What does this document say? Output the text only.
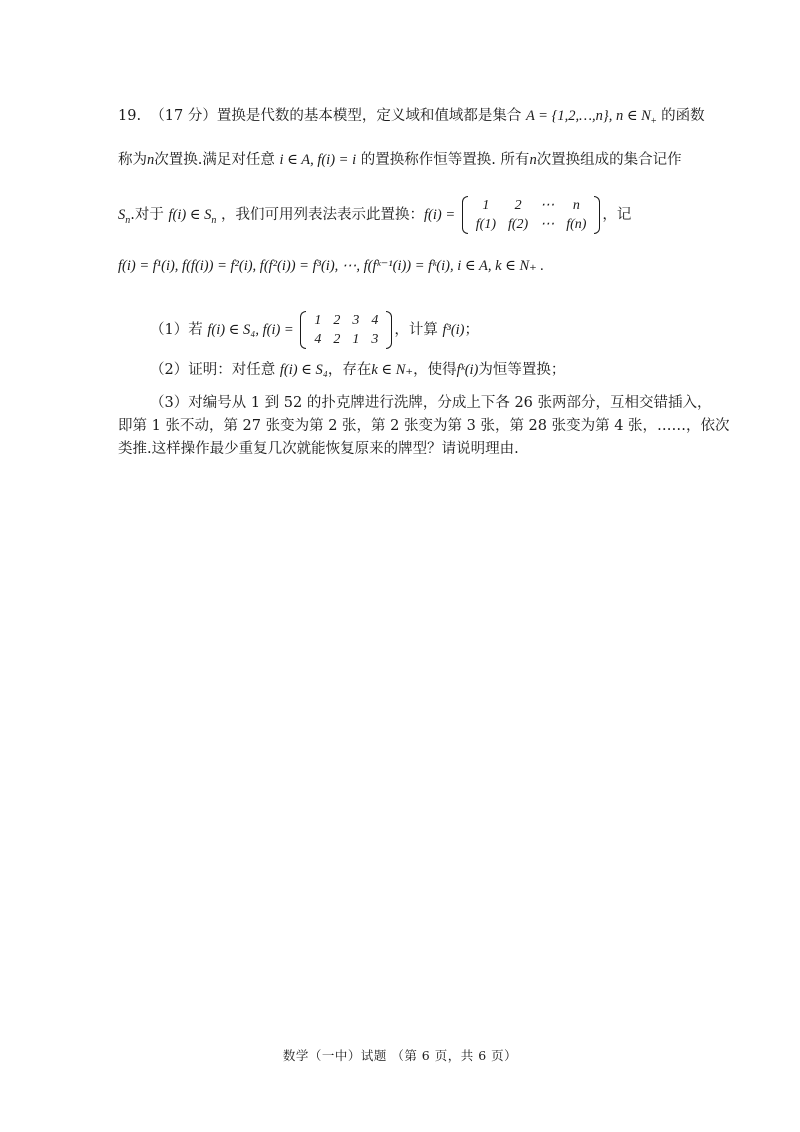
19. （17 分）置换是代数的基本模型，定义域和值域都是集合 A = {1,2,…,n}, n ∈ $N_+$ 的函数
称为n次置换.满足对任意 i ∈ A, f(i) = i 的置换称作恒等置换. 所有n次置换组成的集合记作
$S_n$.对于 f(i) ∈ $S_n$ ，我们可用列表法表示此置换：f(i) =
1	2	⋯	n
f(1)	f(2)	⋯	f(n)
，记
f(i) = f¹(i), f(f(i)) = f²(i), f(f²(i)) = f³(i), ⋯, f(fᵏ⁻¹(i)) = fᵏ(i), i ∈ A, k ∈ N₊ .
（1）若 f(i) ∈ S₄, f(i) =
1	2	3	4
4	2	1	3
，计算 f³(i)；
（2）证明：对任意 f(i) ∈ S₄，存在k ∈ N₊，使得fᵏ(i)为恒等置换；
（3）对编号从 1 到 52 的扑克牌进行洗牌，分成上下各 26 张两部分，互相交错插入，
即第 1 张不动，第 27 张变为第 2 张，第 2 张变为第 3 张，第 28 张变为第 4 张，……，依次
类推.这样操作最少重复几次就能恢复原来的牌型？请说明理由.
数学（一中）试题 （第 6 页，共 6 页）
